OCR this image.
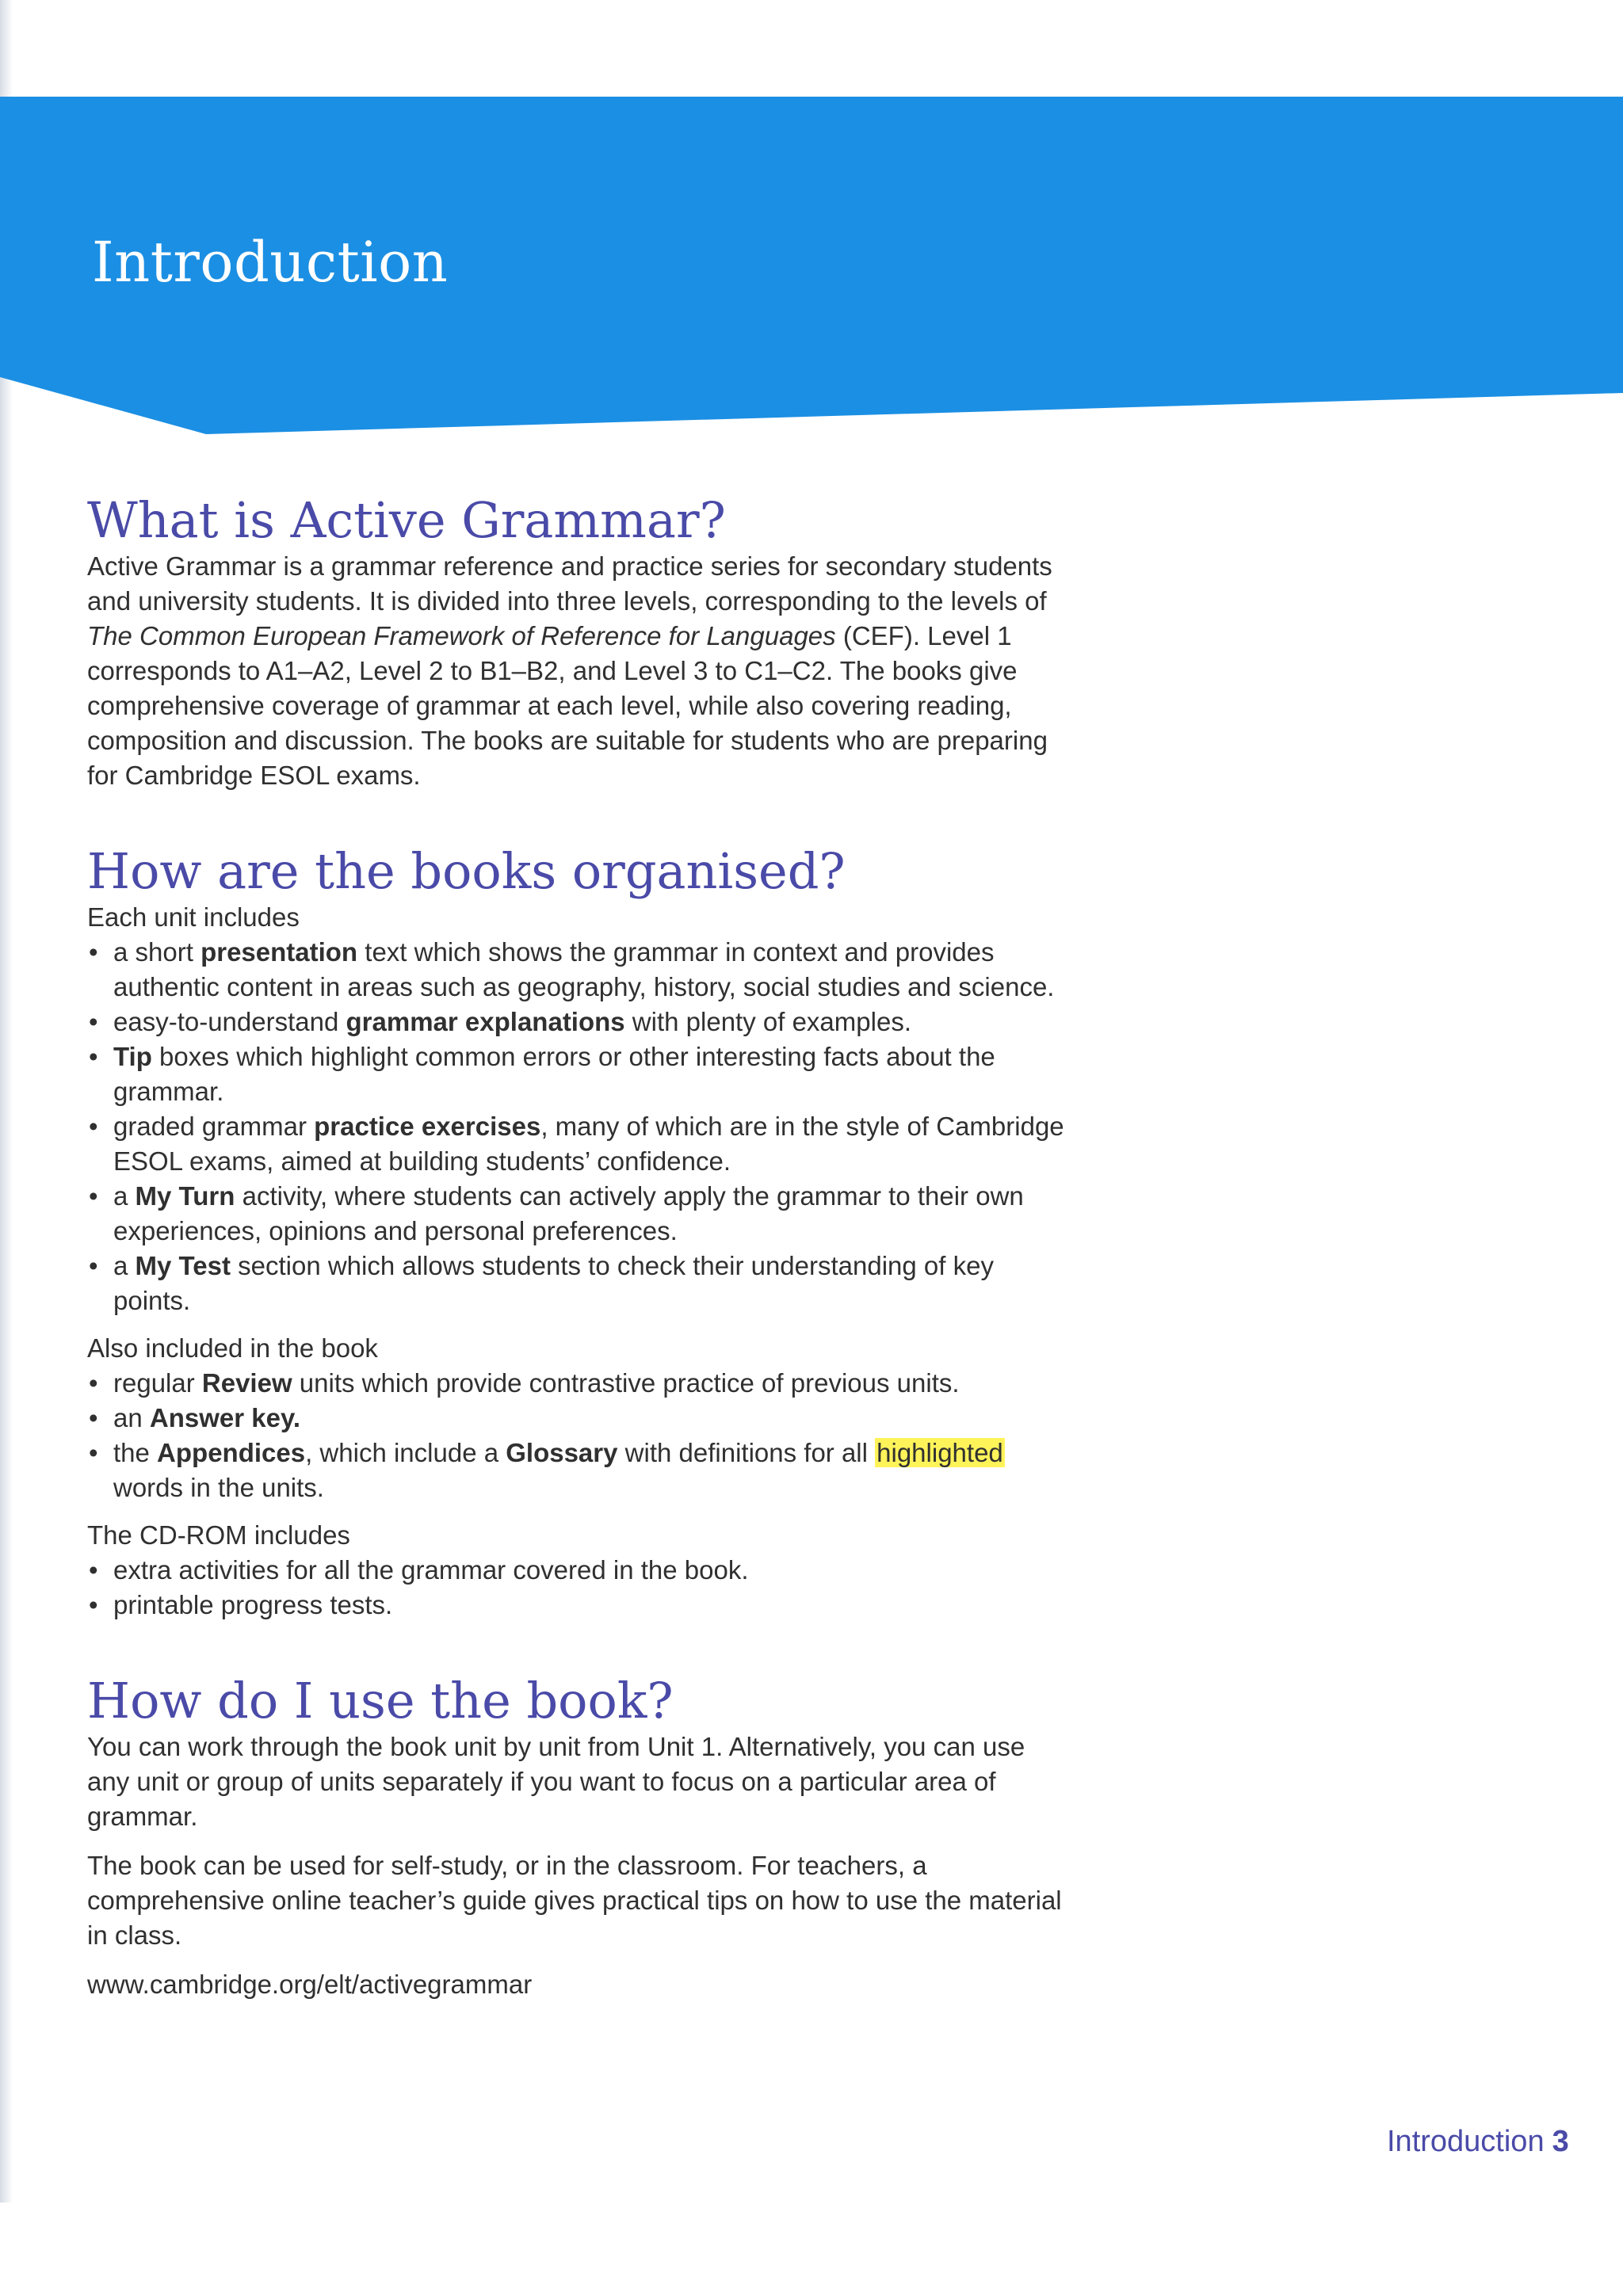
Introduction
What is Active Grammar?

Active Grammar is a grammar reference and practice series for secondary students and university students. It is divided into three levels, corresponding to the levels of The Common European Framework of Reference for Languages (CEF). Level 1 corresponds to A1–A2, Level 2 to B1–B2, and Level 3 to C1–C2. The books give comprehensive coverage of grammar at each level, while also covering reading, composition and discussion. The books are suitable for students who are preparing for Cambridge ESOL exams.

How are the books organised?

Each unit includes

• a short presentation text which shows the grammar in context and provides authentic content in areas such as geography, history, social studies and science.
• easy-to-understand grammar explanations with plenty of examples.
• Tip boxes which highlight common errors or other interesting facts about the grammar.
• graded grammar practice exercises, many of which are in the style of Cambridge ESOL exams, aimed at building students’ confidence.
• a My Turn activity, where students can actively apply the grammar to their own experiences, opinions and personal preferences.
• a My Test section which allows students to check their understanding of key points.

Also included in the book

• regular Review units which provide contrastive practice of previous units.
• an Answer key.
• the Appendices, which include a Glossary with definitions for all highlighted words in the units.

The CD-ROM includes

• extra activities for all the grammar covered in the book.
• printable progress tests.
How do I use the book?

You can work through the book unit by unit from Unit 1. Alternatively, you can use any unit or group of units separately if you want to focus on a particular area of grammar.

The book can be used for self-study, or in the classroom. For teachers, a comprehensive online teacher’s guide gives practical tips on how to use the material in class.

www.cambridge.org/elt/activegrammar

Introduction 3
